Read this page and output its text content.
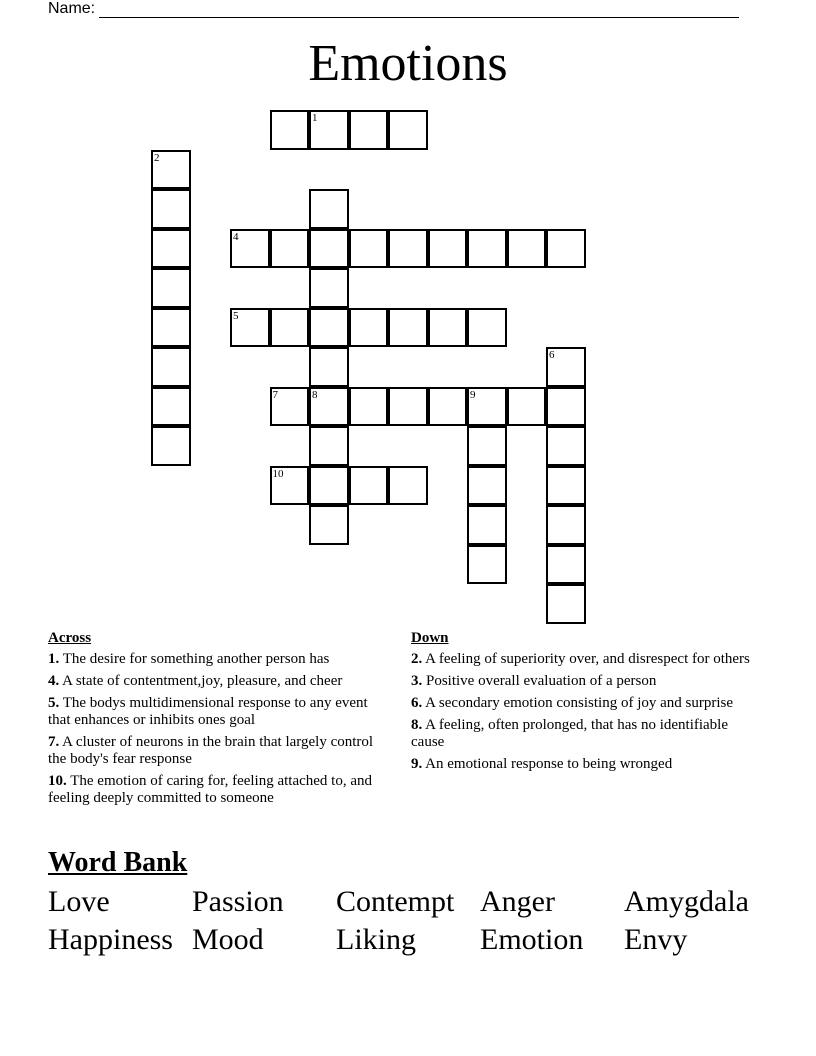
Name:
Emotions
1
2
4
5
6
7	8	9
10
Across
1. The desire for something another person has
4. A state of contentment,joy, pleasure, and cheer
5. The bodys multidimensional response to any event that enhances or inhibits ones goal
7. A cluster of neurons in the brain that largely control the body's fear response
10. The emotion of caring for, feeling attached to, and feeling deeply committed to someone
Down
2. A feeling of superiority over, and disrespect for others
3. Positive overall evaluation of a person
6. A secondary emotion consisting of joy and surprise
8. A feeling, often prolonged, that has no identifiable cause
9. An emotional response to being wronged
Word Bank
Love	Passion Contempt Anger Amygdala
Happiness Mood Liking Emotion Envy
